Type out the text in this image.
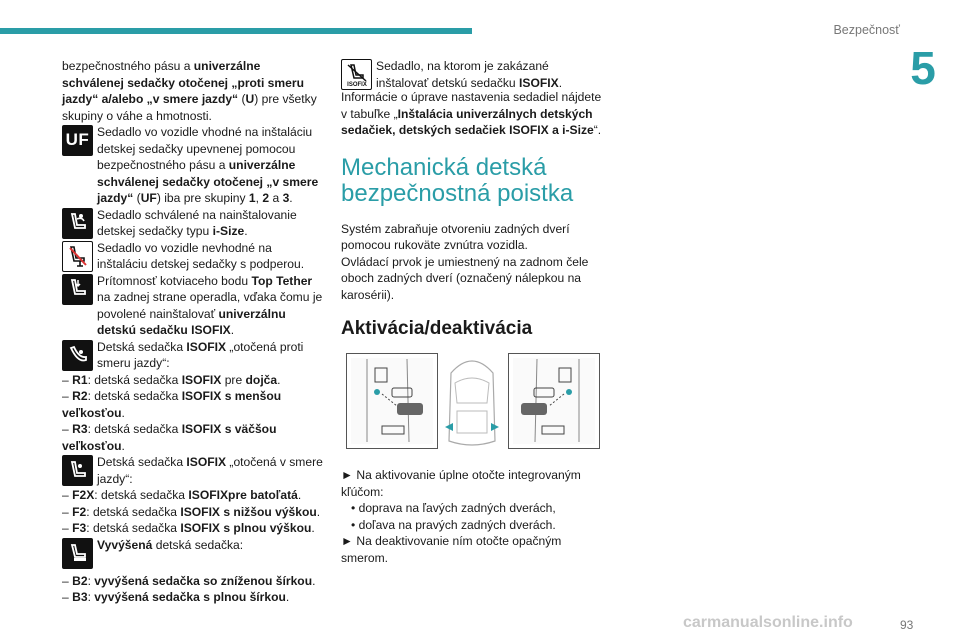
Bezpečnosť
5

bezpečnostného pásu a univerzálne schválenej sedačky otočenej „proti smeru jazdy“ a/alebo „v smere jazdy“ (U) pre všetky skupiny o váhe a hmotnosti.

UF Sedadlo vo vozidle vhodné na inštaláciu detskej sedačky upevnenej pomocou bezpečnostného pásu a univerzálne schválenej sedačky otočenej „v smere jazdy“ (UF) iba pre skupiny 1, 2 a 3.
Sedadlo schválené na nainštalovanie detskej sedačky typu i-Size.
Sedadlo vo vozidle nevhodné na inštaláciu detskej sedačky s podperou.
Prítomnosť kotviaceho bodu Top Tether na zadnej strane operadla, vďaka čomu je povolené nainštalovať univerzálnu detskú sedačku ISOFIX.
Detská sedačka ISOFIX „otočená proti smeru jazdy“:

– R1: detská sedačka ISOFIX pre dojča.

– R2: detská sedačka ISOFIX s menšou veľkosťou.

– R3: detská sedačka ISOFIX s väčšou veľkosťou.

Detská sedačka ISOFIX „otočená v smere jazdy“:

– F2X: detská sedačka ISOFIXpre batoľatá.

– F2: detská sedačka ISOFIX s nižšou výškou.

– F3: detská sedačka ISOFIX s plnou výškou.

Vyvýšená detská sedačka:

– B2: vyvýšená sedačka so zníženou šírkou.

– B3: vyvýšená sedačka s plnou šírkou.

ISOFIX
Sedadlo, na ktorom je zakázané inštalovať detskú sedačku ISOFIX.

Informácie o úprave nastavenia sedadiel nájdete v tabuľke „Inštalácia univerzálnych detských sedačiek, detských sedačiek ISOFIX a i-Size“.

Mechanická detská bezpečnostná poistka

Systém zabraňuje otvoreniu zadných dverí pomocou rukoväte zvnútra vozidla.

Ovládací prvok je umiestnený na zadnom čele oboch zadných dverí (označený nálepkou na karosérii).

Aktivácia/deaktivácia

► Na aktivovanie úplne otočte integrovaným kľúčom:

• doprava na ľavých zadných dverách,

• doľava na pravých zadných dverách.

► Na deaktivovanie ním otočte opačným smerom.

93
carmanualsonline.info
